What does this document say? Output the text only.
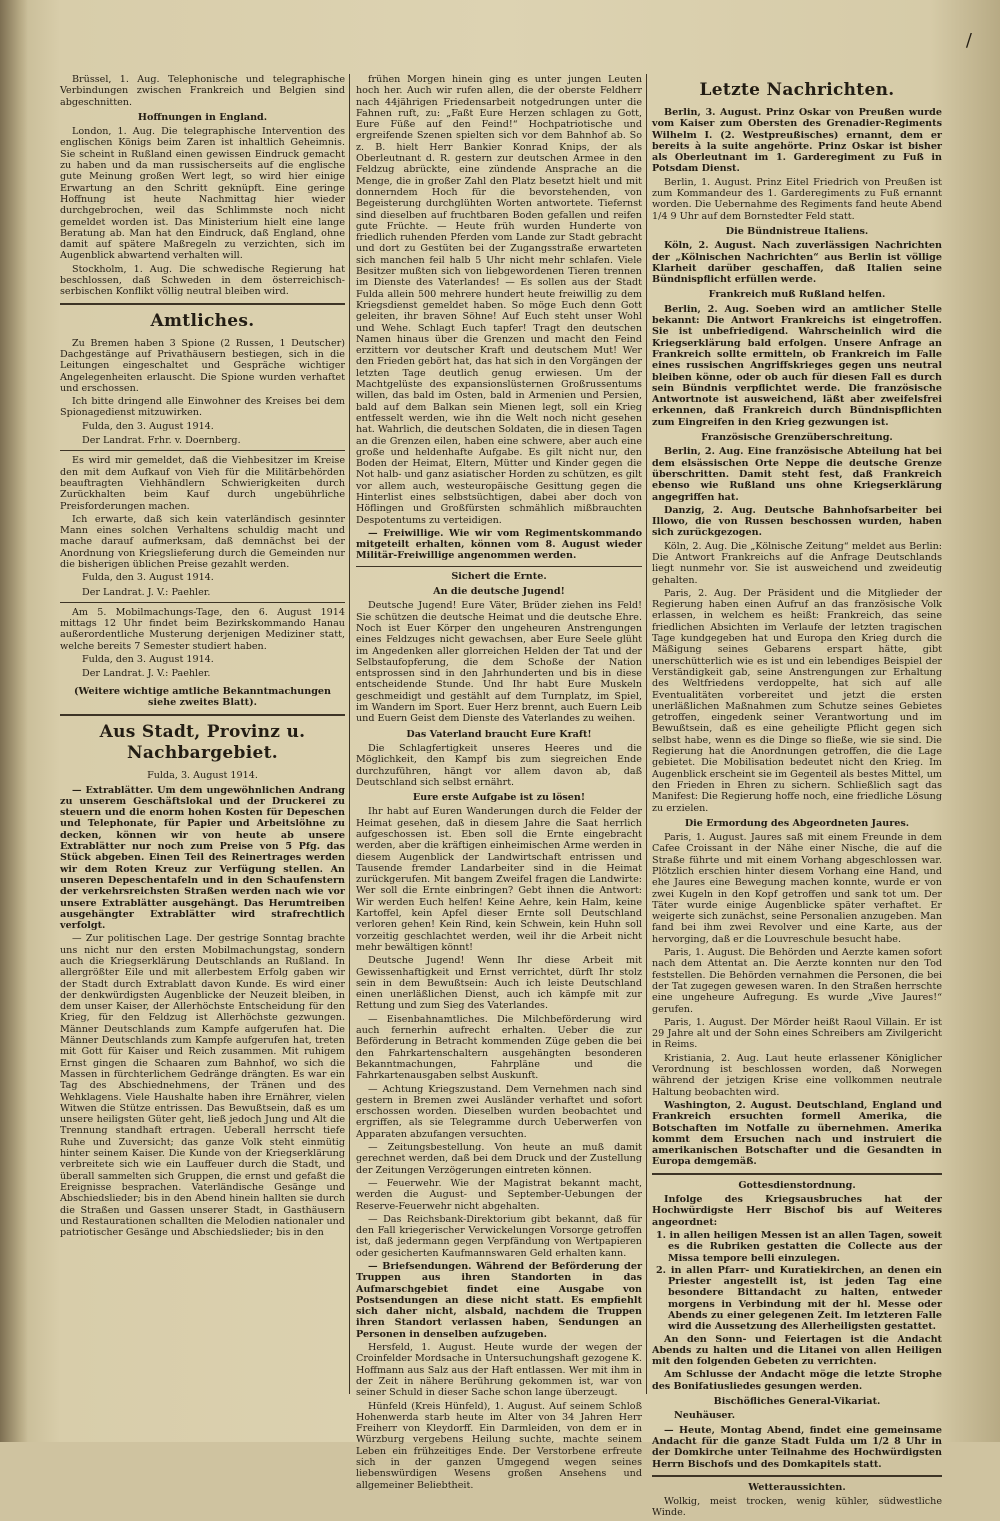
/

Brüssel, 1. Aug. Telephonische und telegraphische Verbindungen zwischen Frankreich und Belgien sind abgeschnitten.

Hoffnungen in England.

London, 1. Aug. Die telegraphische Intervention des englischen Königs beim Zaren ist inhaltlich Geheimnis. Sie scheint in Rußland einen gewissen Eindruck gemacht zu haben und da man russischerseits auf die englische gute Meinung großen Wert legt, so wird hier einige Erwartung an den Schritt geknüpft. Eine geringe Hoffnung ist heute Nachmittag hier wieder durchgebrochen, weil das Schlimmste noch nicht gemeldet worden ist. Das Ministerium hielt eine lange Beratung ab. Man hat den Eindruck, daß England, ohne damit auf spätere Maßregeln zu verzichten, sich im Augenblick abwartend verhalten will.

Stockholm, 1. Aug. Die schwedische Regierung hat beschlossen, daß Schweden in dem österreichisch-serbischen Konflikt völlig neutral bleiben wird.

Amtliches.

Zu Bremen haben 3 Spione (2 Russen, 1 Deutscher) Dachgestänge auf Privathäusern bestiegen, sich in die Leitungen eingeschaltet und Gespräche wichtiger Angelegenheiten erlauscht. Die Spione wurden verhaftet und erschossen.

Ich bitte dringend alle Einwohner des Kreises bei dem Spionagedienst mitzuwirken.

Fulda, den 3. August 1914.

Der Landrat. Frhr. v. Doernberg.

Es wird mir gemeldet, daß die Viehbesitzer im Kreise den mit dem Aufkauf von Vieh für die Militärbehörden beauftragten Viehhändlern Schwierigkeiten durch Zurückhalten beim Kauf durch ungebührliche Preisforderungen machen.

Ich erwarte, daß sich kein vaterländisch gesinnter Mann eines solchen Verhaltens schuldig macht und mache darauf aufmerksam, daß demnächst bei der Anordnung von Kriegslieferung durch die Gemeinden nur die bisherigen üblichen Preise gezahlt werden.

Fulda, den 3. August 1914.

Der Landrat. J. V.: Paehler.

Am 5. Mobilmachungs-Tage, den 6. August 1914 mittags 12 Uhr findet beim Bezirkskommando Hanau außerordentliche Musterung derjenigen Mediziner statt, welche bereits 7 Semester studiert haben.

Fulda, den 3. August 1914.

Der Landrat. J. V.: Paehler.

(Weitere wichtige amtliche Bekanntmachungen siehe zweites Blatt).

Aus Stadt, Provinz u. Nachbargebiet.

Fulda, 3. August 1914.

— Extrablätter. Um dem ungewöhnlichen Andrang zu unserem Geschäftslokal und der Druckerei zu steuern und die enorm hohen Kosten für Depeschen und Telephonate, für Papier und Arbeitslöhne zu decken, können wir von heute ab unsere Extrablätter nur noch zum Preise von 5 Pfg. das Stück abgeben. Einen Teil des Reinertrages werden wir dem Roten Kreuz zur Verfügung stellen. An unseren Depeschentafeln und in den Schaufenstern der verkehrsreichsten Straßen werden nach wie vor unsere Extrablätter ausgehängt. Das Herumtreiben ausgehängter Extrablätter wird strafrechtlich verfolgt.

— Zur politischen Lage. Der gestrige Sonntag brachte uns nicht nur den ersten Mobilmachungstag, sondern auch die Kriegserklärung Deutschlands an Rußland. In allergrößter Eile und mit allerbestem Erfolg gaben wir der Stadt durch Extrablatt davon Kunde. Es wird einer der denkwürdigsten Augenblicke der Neuzeit bleiben, in dem unser Kaiser, der Allerhöchste Entscheidung für den Krieg, für den Feldzug ist Allerhöchste gezwungen. Männer Deutschlands zum Kampfe aufgerufen hat. Die Männer Deutschlands zum Kampfe aufgerufen hat, treten mit Gott für Kaiser und Reich zusammen. Mit ruhigem Ernst gingen die Schaaren zum Bahnhof, wo sich die Massen in fürchterlichem Gedränge drängten. Es war ein Tag des Abschiednehmens, der Tränen und des Wehklagens. Viele Haushalte haben ihre Ernährer, vielen Witwen die Stütze entrissen. Das Bewußtsein, daß es um unsere heiligsten Güter geht, ließ jedoch Jung und Alt die Trennung standhaft ertragen. Ueberall herrscht tiefe Ruhe und Zuversicht; das ganze Volk steht einmütig hinter seinem Kaiser. Die Kunde von der Kriegserklärung verbreitete sich wie ein Lauffeuer durch die Stadt, und überall sammelten sich Gruppen, die ernst und gefaßt die Ereignisse besprachen. Vaterländische Gesänge und Abschiedslieder; bis in den Abend hinein hallten sie durch die Straßen und Gassen unserer Stadt, in Gasthäusern und Restaurationen schallten die Melodien nationaler und patriotischer Gesänge und Abschiedslieder; bis in den

frühen Morgen hinein ging es unter jungen Leuten hoch her. Auch wir rufen allen, die der oberste Feldherr nach 44jährigen Friedensarbeit notgedrungen unter die Fahnen ruft, zu: „Faßt Eure Herzen schlagen zu Gott, Eure Füße auf den Feind!“ Hochpatriotische und ergreifende Szenen spielten sich vor dem Bahnhof ab. So z. B. hielt Herr Bankier Konrad Knips, der als Oberleutnant d. R. gestern zur deutschen Armee in den Feldzug abrückte, eine zündende Ansprache an die Menge, die in großer Zahl den Platz besetzt hielt und mit donnerndem Hoch für die bevorstehenden, von Begeisterung durchglühten Worten antwortete. Tiefernst sind dieselben auf fruchtbaren Boden gefallen und reifen gute Früchte. — Heute früh wurden Hunderte von friedlich ruhenden Pferden vom Lande zur Stadt gebracht und dort zu Gestüten bei der Zugangsstraße erwarteten sich manchen feil halb 5 Uhr nicht mehr schlafen. Viele Besitzer mußten sich von liebgewordenen Tieren trennen im Dienste des Vaterlandes! — Es sollen aus der Stadt Fulda allein 500 mehrere hundert heute freiwillig zu dem Kriegsdienst gemeldet haben. So möge Euch denn Gott geleiten, ihr braven Söhne! Auf Euch steht unser Wohl und Wehe. Schlagt Euch tapfer! Tragt den deutschen Namen hinaus über die Grenzen und macht den Feind erzittern vor deutscher Kraft und deutschem Mut! Wer den Frieden gebört hat, das hat sich in den Vorgängen der letzten Tage deutlich genug erwiesen. Um der Machtgelüste des expansionslüsternen Großrussentums willen, das bald im Osten, bald in Armenien und Persien, bald auf dem Balkan sein Mienen legt, soll ein Krieg entfesselt werden, wie ihn die Welt noch nicht gesehen hat. Wahrlich, die deutschen Soldaten, die in diesen Tagen an die Grenzen eilen, haben eine schwere, aber auch eine große und heldenhafte Aufgabe. Es gilt nicht nur, den Boden der Heimat, Eltern, Mütter und Kinder gegen die Not halb- und ganz asiatischer Horden zu schützen, es gilt vor allem auch, westeuropäische Gesittung gegen die Hinterlist eines selbstsüchtigen, dabei aber doch von Höflingen und Großfürsten schmählich mißbrauchten Despotentums zu verteidigen.

— Freiwillige. Wie wir vom Regimentskommando mitgeteilt erhalten, können vom 8. August wieder Militär-Freiwillige angenommen werden.

Sichert die Ernte.

An die deutsche Jugend!

Deutsche Jugend! Eure Väter, Brüder ziehen ins Feld! Sie schützen die deutsche Heimat und die deutsche Ehre. Noch ist Euer Körper den ungeheuren Anstrengungen eines Feldzuges nicht gewachsen, aber Eure Seele glüht im Angedenken aller glorreichen Helden der Tat und der Selbstaufopferung, die dem Schoße der Nation entsprossen sind in den Jahrhunderten und bis in diese entscheidende Stunde. Und Ihr habt Eure Muskeln geschmeidigt und gestählt auf dem Turnplatz, im Spiel, im Wandern im Sport. Euer Herz brennt, auch Euern Leib und Euern Geist dem Dienste des Vaterlandes zu weihen.

Das Vaterland braucht Eure Kraft!

Die Schlagfertigkeit unseres Heeres und die Möglichkeit, den Kampf bis zum siegreichen Ende durchzuführen, hängt vor allem davon ab, daß Deutschland sich selbst ernährt.

Eure erste Aufgabe ist zu lösen!

Ihr habt auf Euren Wanderungen durch die Felder der Heimat gesehen, daß in diesem Jahre die Saat herrlich aufgeschossen ist. Eben soll die Ernte eingebracht werden, aber die kräftigen einheimischen Arme werden in diesem Augenblick der Landwirtschaft entrissen und Tausende fremder Landarbeiter sind in die Heimat zurückgerufen. Mit bangem Zweifel fragen die Landwirte: Wer soll die Ernte einbringen? Gebt ihnen die Antwort: Wir werden Euch helfen! Keine Aehre, kein Halm, keine Kartoffel, kein Apfel dieser Ernte soll Deutschland verloren gehen! Kein Rind, kein Schwein, kein Huhn soll vorzeitig geschlachtet werden, weil ihr die Arbeit nicht mehr bewältigen könnt!

Deutsche Jugend! Wenn Ihr diese Arbeit mit Gewissenhaftigkeit und Ernst verrichtet, dürft Ihr stolz sein in dem Bewußtsein: Auch ich leiste Deutschland einen unerläßlichen Dienst, auch ich kämpfe mit zur Rettung und zum Sieg des Vaterlandes.

— Eisenbahnamtliches. Die Milchbeförderung wird auch fernerhin aufrecht erhalten. Ueber die zur Beförderung in Betracht kommenden Züge geben die bei den Fahrkartenschaltern ausgehängten besonderen Bekanntmachungen, Fahrpläne und die Fahrkartenausgaben selbst Auskunft.

— Achtung Kriegszustand. Dem Vernehmen nach sind gestern in Bremen zwei Ausländer verhaftet und sofort erschossen worden. Dieselben wurden beobachtet und ergriffen, als sie Telegramme durch Ueberwerfen von Apparaten abzufangen versuchten.

— Zeitungsbestellung. Von heute an muß damit gerechnet werden, daß bei dem Druck und der Zustellung der Zeitungen Verzögerungen eintreten können.

— Feuerwehr. Wie der Magistrat bekannt macht, werden die August- und September-Uebungen der Reserve-Feuerwehr nicht abgehalten.

— Das Reichsbank-Direktorium gibt bekannt, daß für den Fall kriegerischer Verwickelungen Vorsorge getroffen ist, daß jedermann gegen Verpfändung von Wertpapieren oder gesicherten Kaufmannswaren Geld erhalten kann.

— Briefsendungen. Während der Beförderung der Truppen aus ihren Standorten in das Aufmarschgebiet findet eine Ausgabe von Postsendungen an diese nicht statt. Es empfiehlt sich daher nicht, alsbald, nachdem die Truppen ihren Standort verlassen haben, Sendungen an Personen in denselben aufzugeben.

Hersfeld, 1. August. Heute wurde der wegen der Croinfelder Mordsache in Untersuchungshaft gezogene K. Hoffmann aus Salz aus der Haft entlassen. Wer mit ihm in der Zeit in nähere Berührung gekommen ist, war von seiner Schuld in dieser Sache schon lange überzeugt.

Hünfeld (Kreis Hünfeld), 1. August. Auf seinem Schloß Hohenwerda starb heute im Alter von 34 Jahren Herr Freiherr von Kleydorff. Ein Darmleiden, von dem er in Würzburg vergebens Heilung suchte, machte seinem Leben ein frühzeitiges Ende. Der Verstorbene erfreute sich in der ganzen Umgegend wegen seines liebenswürdigen Wesens großen Ansehens und allgemeiner Beliebtheit.

Letzte Nachrichten.

Berlin, 3. August. Prinz Oskar von Preußen wurde vom Kaiser zum Obersten des Grenadier-Regiments Wilhelm I. (2. Westpreußisches) ernannt, dem er bereits à la suite angehörte. Prinz Oskar ist bisher als Oberleutnant im 1. Garderegiment zu Fuß in Potsdam Dienst.

Berlin, 1. August. Prinz Eitel Friedrich von Preußen ist zum Kommandeur des 1. Garderegiments zu Fuß ernannt worden. Die Uebernahme des Regiments fand heute Abend 1/4 9 Uhr auf dem Bornstedter Feld statt.

Die Bündnistreue Italiens.

Köln, 2. August. Nach zuverlässigen Nachrichten der „Kölnischen Nachrichten“ aus Berlin ist völlige Klarheit darüber geschaffen, daß Italien seine Bündnispflicht erfüllen werde.

Frankreich muß Rußland helfen.

Berlin, 2. Aug. Soeben wird an amtlicher Stelle bekannt: Die Antwort Frankreichs ist eingetroffen. Sie ist unbefriedigend. Wahrscheinlich wird die Kriegserklärung bald erfolgen. Unsere Anfrage an Frankreich sollte ermitteln, ob Frankreich im Falle eines russischen Angriffskrieges gegen uns neutral bleiben könne, oder ob auch für diesen Fall es durch sein Bündnis verpflichtet werde. Die französische Antwortnote ist ausweichend, läßt aber zweifelsfrei erkennen, daß Frankreich durch Bündnispflichten zum Eingreifen in den Krieg gezwungen ist.

Französische Grenzüberschreitung.

Berlin, 2. Aug. Eine französische Abteilung hat bei dem elsässischen Orte Neppe die deutsche Grenze überschritten. Damit steht fest, daß Frankreich ebenso wie Rußland uns ohne Kriegserklärung angegriffen hat.

Danzig, 2. Aug. Deutsche Bahnhofsarbeiter bei Illowo, die von Russen beschossen wurden, haben sich zurückgezogen.

Köln, 2. Aug. Die „Kölnische Zeitung“ meldet aus Berlin: Die Antwort Frankreichs auf die Anfrage Deutschlands liegt nunmehr vor. Sie ist ausweichend und zweideutig gehalten.

Paris, 2. Aug. Der Präsident und die Mitglieder der Regierung haben einen Aufruf an das französische Volk erlassen, in welchem es heißt: Frankreich, das seine friedlichen Absichten im Verlaufe der letzten tragischen Tage kundgegeben hat und Europa den Krieg durch die Mäßigung seines Gebarens erspart hätte, gibt unerschütterlich wie es ist und ein lebendiges Beispiel der Verständigkeit gab, seine Anstrengungen zur Erhaltung des Weltfriedens verdoppelte, hat sich auf alle Eventualitäten vorbereitet und jetzt die ersten unerläßlichen Maßnahmen zum Schutze seines Gebietes getroffen, eingedenk seiner Verantwortung und im Bewußtsein, daß es eine geheiligte Pflicht gegen sich selbst habe, wenn es die Dinge so fließe, wie sie sind. Die Regierung hat die Anordnungen getroffen, die die Lage gebietet. Die Mobilisation bedeutet nicht den Krieg. Im Augenblick erscheint sie im Gegenteil als bestes Mittel, um den Frieden in Ehren zu sichern. Schließlich sagt das Manifest: Die Regierung hoffe noch, eine friedliche Lösung zu erzielen.

Die Ermordung des Abgeordneten Jaures.

Paris, 1. August. Jaures saß mit einem Freunde in dem Cafee Croissant in der Nähe einer Nische, die auf die Straße führte und mit einem Vorhang abgeschlossen war. Plötzlich erschien hinter diesem Vorhang eine Hand, und ehe Jaures eine Bewegung machen konnte, wurde er von zwei Kugeln in den Kopf getroffen und sank tot um. Der Täter wurde einige Augenblicke später verhaftet. Er weigerte sich zunächst, seine Personalien anzugeben. Man fand bei ihm zwei Revolver und eine Karte, aus der hervorging, daß er die Louvreschule besucht habe.

Paris, 1. August. Die Behörden und Aerzte kamen sofort nach dem Attentat an. Die Aerzte konnten nur den Tod feststellen. Die Behörden vernahmen die Personen, die bei der Tat zugegen gewesen waren. In den Straßen herrschte eine ungeheure Aufregung. Es wurde „Vive Jaures!“ gerufen.

Paris, 1. August. Der Mörder heißt Raoul Villain. Er ist 29 Jahre alt und der Sohn eines Schreibers am Zivilgericht in Reims.

Kristiania, 2. Aug. Laut heute erlassener Königlicher Verordnung ist beschlossen worden, daß Norwegen während der jetzigen Krise eine vollkommen neutrale Haltung beobachten wird.

Washington, 2. August. Deutschland, England und Frankreich ersuchten formell Amerika, die Botschaften im Notfalle zu übernehmen. Amerika kommt dem Ersuchen nach und instruiert die amerikanischen Botschafter und die Gesandten in Europa demgemäß.

Gottesdienstordnung.

Infolge des Kriegsausbruches hat der Hochwürdigste Herr Bischof bis auf Weiteres angeordnet:

1. in allen heiligen Messen ist an allen Tagen, soweit es die Rubriken gestatten die Collecte aus der Missa tempore belli einzulegen.

2. in allen Pfarr- und Kuratiekirchen, an denen ein Priester angestellt ist, ist jeden Tag eine besondere Bittandacht zu halten, entweder morgens in Verbindung mit der hl. Messe oder Abends zu einer gelegenen Zeit. Im letzteren Falle wird die Aussetzung des Allerheiligsten gestattet.

An den Sonn- und Feiertagen ist die Andacht Abends zu halten und die Litanei von allen Heiligen mit den folgenden Gebeten zu verrichten.

Am Schlusse der Andacht möge die letzte Strophe des Bonifatiusliedes gesungen werden.

Bischöfliches General-Vikariat.

Neuhäuser.

— Heute, Montag Abend, findet eine gemeinsame Andacht für die ganze Stadt Fulda um 1/2 8 Uhr in der Domkirche unter Teilnahme des Hochwürdigsten Herrn Bischofs und des Domkapitels statt.

Wetteraussichten.

Wolkig, meist trocken, wenig kühler, südwestliche Winde.
